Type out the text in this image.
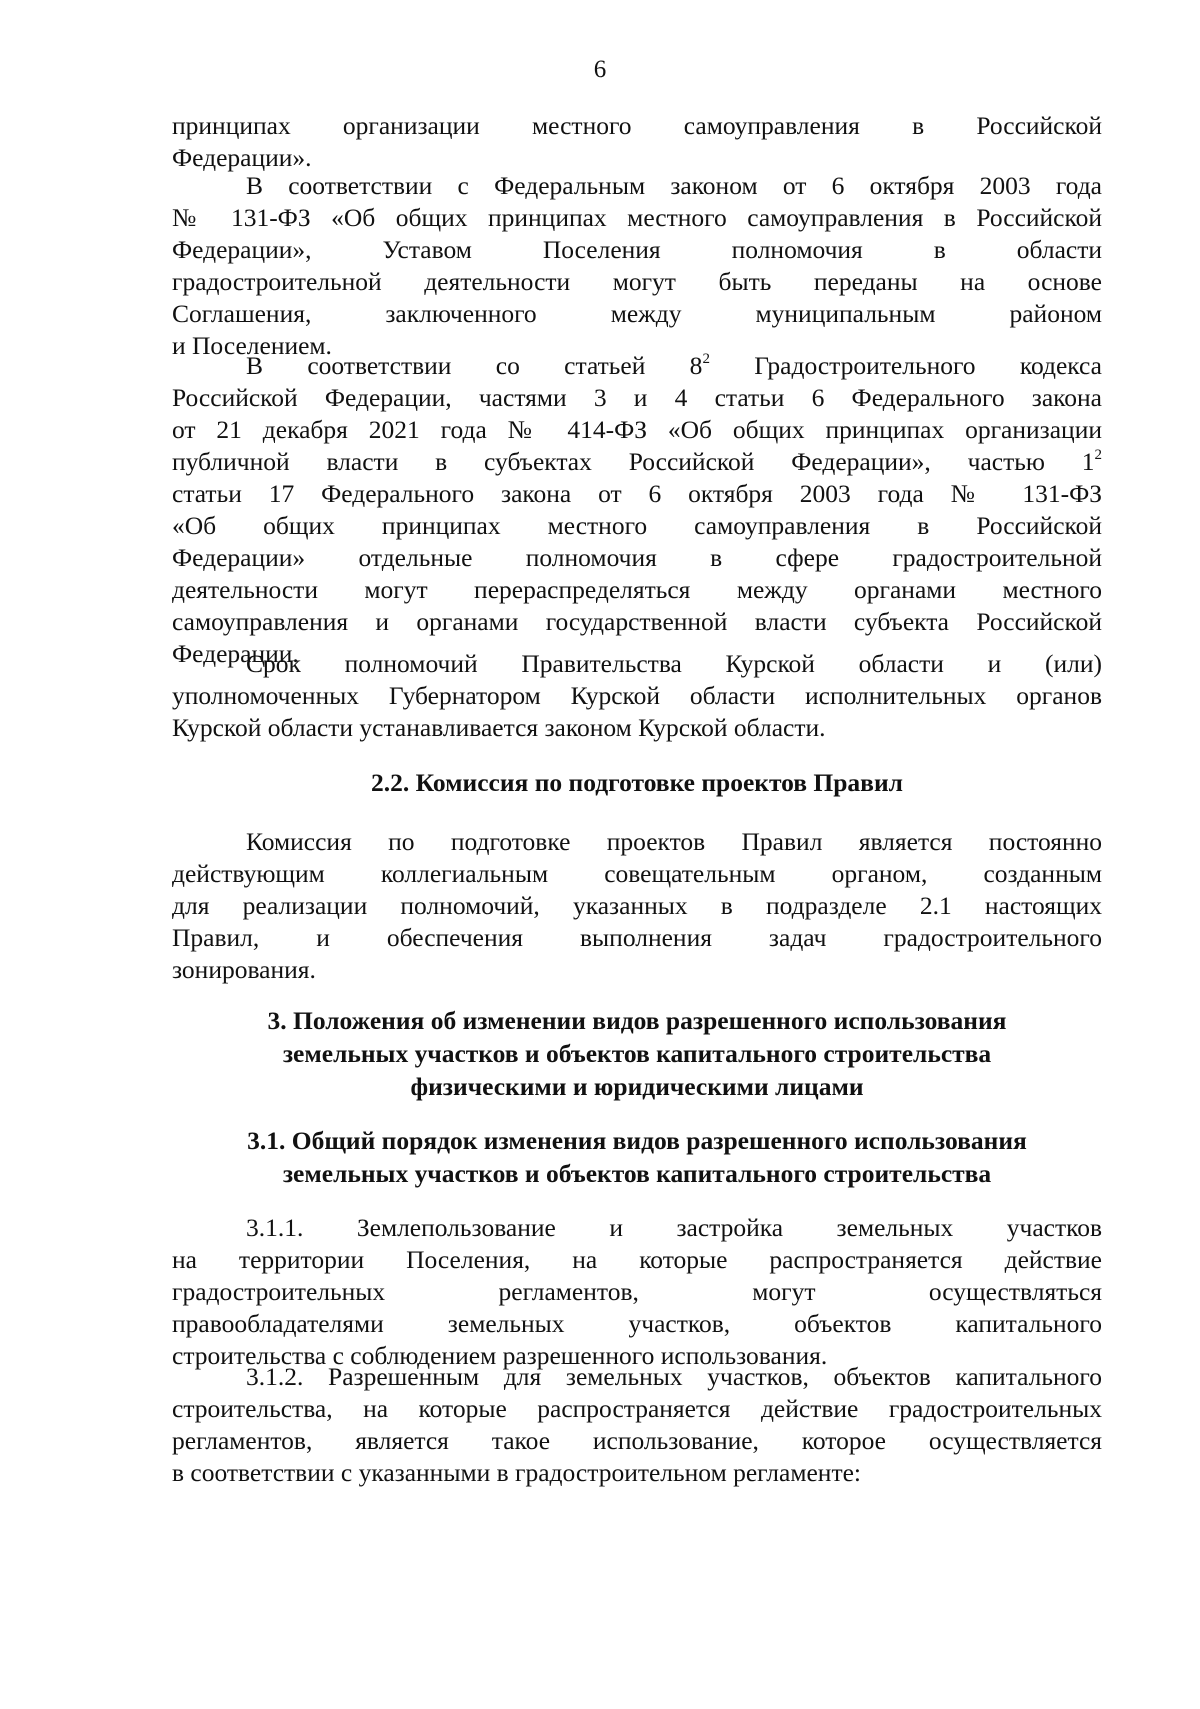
6
принципах организации местного самоуправления в Российской
Федерации».
В соответствии с Федеральным законом от 6 октября 2003 года
№ 131-ФЗ «Об общих принципах местного самоуправления в Российской
Федерации», Уставом Поселения полномочия в области
градостроительной деятельности могут быть переданы на основе
Соглашения, заключенного между муниципальным районом
и Поселением.
В соответствии со статьей $8^2$ Градостроительного кодекса
Российской Федерации, частями 3 и 4 статьи 6 Федерального закона
от 21 декабря 2021 года № 414-ФЗ «Об общих принципах организации
публичной власти в субъектах Российской Федерации», частью $1^2$
статьи 17 Федерального закона от 6 октября 2003 года № 131-ФЗ
«Об общих принципах местного самоуправления в Российской
Федерации» отдельные полномочия в сфере градостроительной
деятельности могут перераспределяться между органами местного
самоуправления и органами государственной власти субъекта Российской
Федерации.
Срок полномочий Правительства Курской области и (или)
уполномоченных Губернатором Курской области исполнительных органов
Курской области устанавливается законом Курской области.
2.2. Комиссия по подготовке проектов Правил
Комиссия по подготовке проектов Правил является постоянно
действующим коллегиальным совещательным органом, созданным
для реализации полномочий, указанных в подразделе 2.1 настоящих
Правил, и обеспечения выполнения задач градостроительного
зонирования.
3. Положения об изменении видов разрешенного использования
земельных участков и объектов капитального строительства
физическими и юридическими лицами
3.1. Общий порядок изменения видов разрешенного использования
земельных участков и объектов капитального строительства
3.1.1. Землепользование и застройка земельных участков
на территории Поселения, на которые распространяется действие
градостроительных регламентов, могут осуществляться
правообладателями земельных участков, объектов капитального
строительства с соблюдением разрешенного использования.
3.1.2. Разрешенным для земельных участков, объектов капитального
строительства, на которые распространяется действие градостроительных
регламентов, является такое использование, которое осуществляется
в соответствии с указанными в градостроительном регламенте:
